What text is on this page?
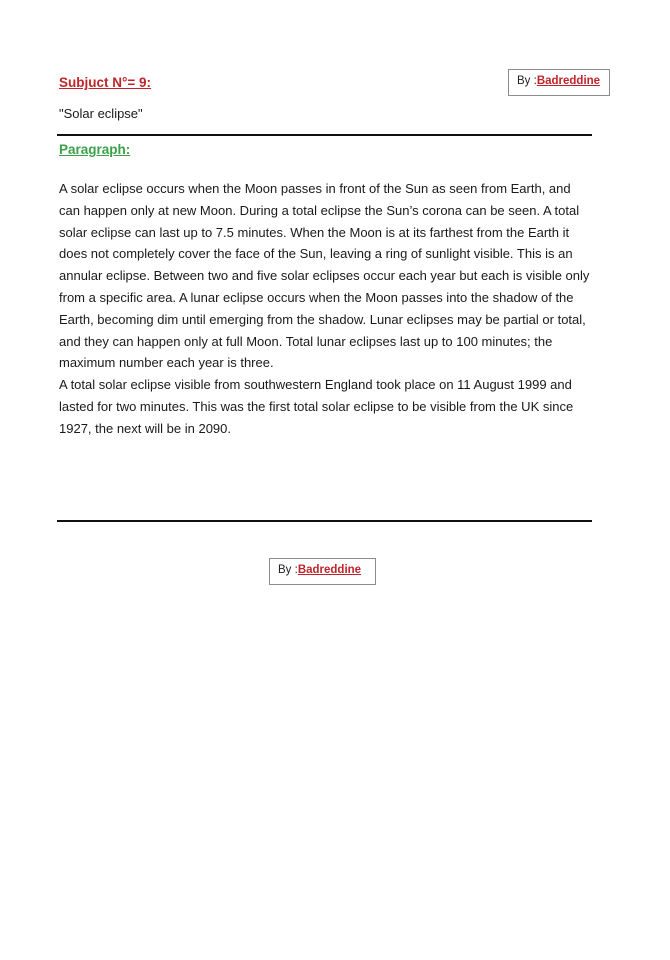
Subjuct N°= 9:	By :Badreddine
"Solar eclipse"
Paragraph:

A solar eclipse occurs when the Moon passes in front of the Sun as seen from Earth, and can happen only at new Moon. During a total eclipse the Sun’s corona can be seen. A total solar eclipse can last up to 7.5 minutes. When the Moon is at its farthest from the Earth it does not completely cover the face of the Sun, leaving a ring of sunlight visible. This is an annular eclipse. Between two and five solar eclipses occur each year but each is visible only from a specific area. A lunar eclipse occurs when the Moon passes into the shadow of the Earth, becoming dim until emerging from the shadow. Lunar eclipses may be partial or total, and they can happen only at full Moon. Total lunar eclipses last up to 100 minutes; the maximum number each year is three.

A total solar eclipse visible from southwestern England took place on 11 August 1999 and lasted for two minutes. This was the first total solar eclipse to be visible from the UK since 1927, the next will be in 2090.

By :Badreddine
